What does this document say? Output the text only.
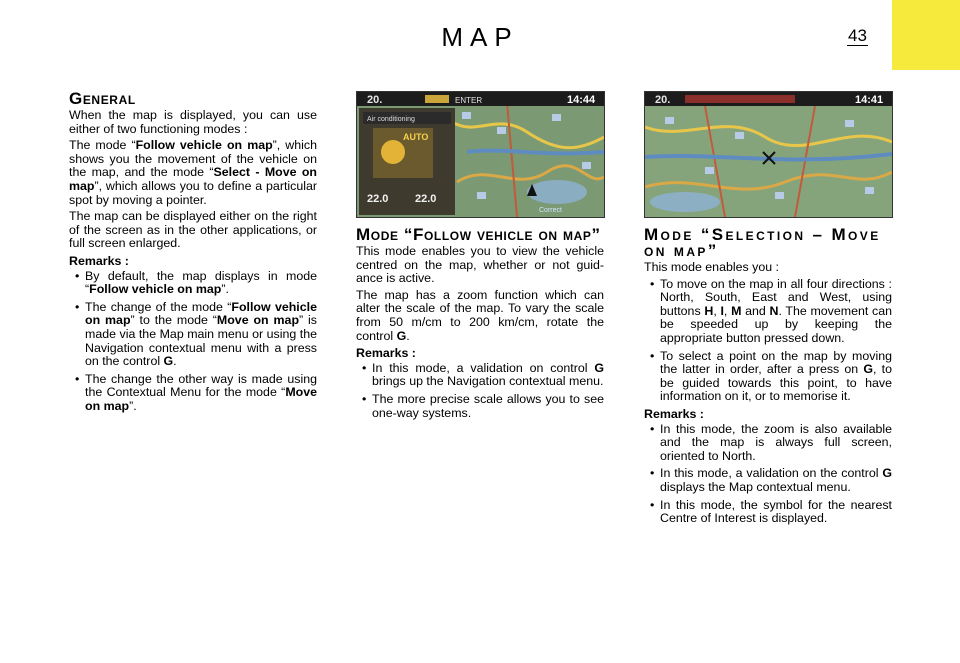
MAP	43
General

When the map is displayed, you can use either of two functioning modes :

The mode “Follow vehicle on map”, which shows you the movement of the vehicle on the map, and the mode “Select - Move on map”, which allows you to define a particular spot by moving a pointer.

The map can be displayed either on the right of the screen as in the other applications, or full screen enlarged.

Remarks :
• By default, the map displays in mode “Follow vehicle on map”.
• The change of the mode “Follow vehicle on map” to the mode “Move on map” is made via the Map main menu or using the Navigation contextual menu with a press on the control G.
• The change the other way is made using the Contextual Menu for the mode “Move on map”.
20.	ENTER	14:44
Air conditioning
AUTO
22.0 22.0
Correct
Mode “Follow vehicle on map”

This mode enables you to view the vehicle centred on the map, whether or not guid-ance is active.

The map has a zoom function which can alter the scale of the map. To vary the scale from 50 m/cm to 200 km/cm, rotate the control G.

Remarks :
• In this mode, a validation on control G brings up the Navigation contextual menu.
• The more precise scale allows you to see one-way systems.
20.	14:41
Mode “Selection – Move on map”

This mode enables you :

• To move on the map in all four directions : North, South, East and West, using buttons H, I, M and N. The movement can be speeded up by keeping the appropriate button pressed down.
• To select a point on the map by moving the latter in order, after a press on G, to be guided towards this point, to have information on it, or to memorise it.
Remarks :
• In this mode, the zoom is also available and the map is always full screen, oriented to North.
• In this mode, a validation on the control G displays the Map contextual menu.
• In this mode, the symbol for the nearest Centre of Interest is displayed.
